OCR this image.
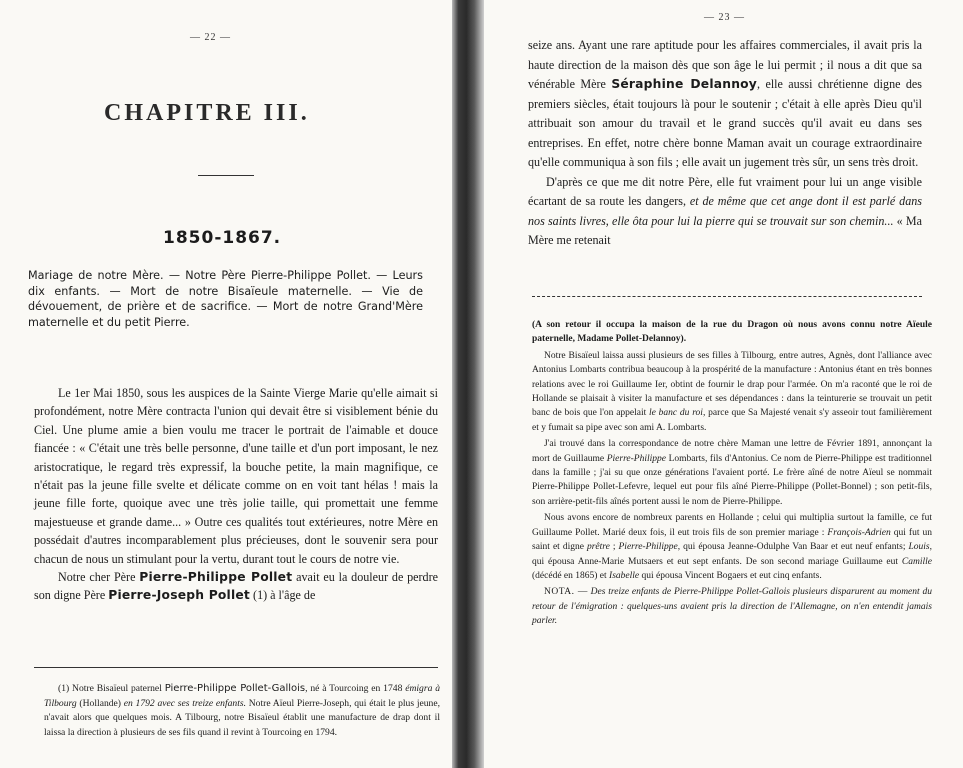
— 22 —
CHAPITRE III.
1850-1867.
Mariage de notre Mère. — Notre Père Pierre-Philippe Pollet. — Leurs dix enfants. — Mort de notre Bisaïeule maternelle. — Vie de dévouement, de prière et de sacrifice. — Mort de notre Grand'Mère maternelle et du petit Pierre.

Le 1er Mai 1850, sous les auspices de la Sainte Vierge Marie qu'elle aimait si profondément, notre Mère contracta l'union qui devait être si visiblement bénie du Ciel. Une plume amie a bien voulu me tracer le portrait de l'aimable et douce fiancée : « C'était une très belle personne, d'une taille et d'un port imposant, le nez aristocratique, le regard très expressif, la bouche petite, la main magnifique, ce n'était pas la jeune fille svelte et délicate comme on en voit tant hélas ! mais la jeune fille forte, quoique avec une très jolie taille, qui promettait une femme majestueuse et grande dame... » Outre ces qualités tout extérieures, notre Mère en possédait d'autres incomparablement plus précieuses, dont le souvenir sera pour chacun de nous un stimulant pour la vertu, durant tout le cours de notre vie.

Notre cher Père Pierre-Philippe Pollet avait eu la douleur de perdre son digne Père Pierre-Joseph Pollet (1) à l'âge de

(1) Notre Bisaïeul paternel Pierre-Philippe Pollet-Gallois, né à Tourcoing en 1748 émigra à Tilbourg (Hollande) en 1792 avec ses treize enfants. Notre Aïeul Pierre-Joseph, qui était le plus jeune, n'avait alors que quelques mois. A Tilbourg, notre Bisaïeul établit une manufacture de drap dont il laissa la direction à plusieurs de ses fils quand il revint à Tourcoing en 1794.

— 23 —

seize ans. Ayant une rare aptitude pour les affaires commerciales, il avait pris la haute direction de la maison dès que son âge le lui permit ; il nous a dit que sa vénérable Mère Séraphine Delannoy, elle aussi chrétienne digne des premiers siècles, était toujours là pour le soutenir ; c'était à elle après Dieu qu'il attribuait son amour du travail et le grand succès qu'il avait eu dans ses entreprises. En effet, notre chère bonne Maman avait un courage extraordinaire qu'elle communiqua à son fils ; elle avait un jugement très sûr, un sens très droit.

D'après ce que me dit notre Père, elle fut vraiment pour lui un ange visible écartant de sa route les dangers, et de même que cet ange dont il est parlé dans nos saints livres, elle ôta pour lui la pierre qui se trouvait sur son chemin... « Ma Mère me retenait

(A son retour il occupa la maison de la rue du Dragon où nous avons connu notre Aïeule paternelle, Madame Pollet-Delannoy).

Notre Bisaïeul laissa aussi plusieurs de ses filles à Tilbourg, entre autres, Agnès, dont l'alliance avec Antonius Lombarts contribua beaucoup à la prospérité de la manufacture : Antonius étant en très bonnes relations avec le roi Guillaume Ier, obtint de fournir le drap pour l'armée. On m'a raconté que le roi de Hollande se plaisait à visiter la manufacture et ses dépendances : dans la teinturerie se trouvait un petit banc de bois que l'on appelait le banc du roi, parce que Sa Majesté venait s'y asseoir tout familièrement et y fumait sa pipe avec son ami A. Lombarts.

J'ai trouvé dans la correspondance de notre chère Maman une lettre de Février 1891, annonçant la mort de Guillaume Pierre-Philippe Lombarts, fils d'Antonius. Ce nom de Pierre-Philippe est traditionnel dans la famille ; j'ai su que onze générations l'avaient porté. Le frère aîné de notre Aïeul se nommait Pierre-Philippe Pollet-Lefevre, lequel eut pour fils aîné Pierre-Philippe (Pollet-Bonnel) ; son petit-fils, son arrière-petit-fils aînés portent aussi le nom de Pierre-Philippe.

Nous avons encore de nombreux parents en Hollande ; celui qui multiplia surtout la famille, ce fut Guillaume Pollet. Marié deux fois, il eut trois fils de son premier mariage : François-Adrien qui fut un saint et digne prêtre ; Pierre-Philippe, qui épousa Jeanne-Odulphe Van Baar et eut neuf enfants; Louis, qui épousa Anne-Marie Mutsaers et eut sept enfants. De son second mariage Guillaume eut Camille (décédé en 1865) et Isabelle qui épousa Vincent Bogaers et eut cinq enfants.

NOTA. — Des treize enfants de Pierre-Philippe Pollet-Gallois plusieurs disparurent au moment du retour de l'émigration : quelques-uns avaient pris la direction de l'Allemagne, on n'en entendit jamais parler.
